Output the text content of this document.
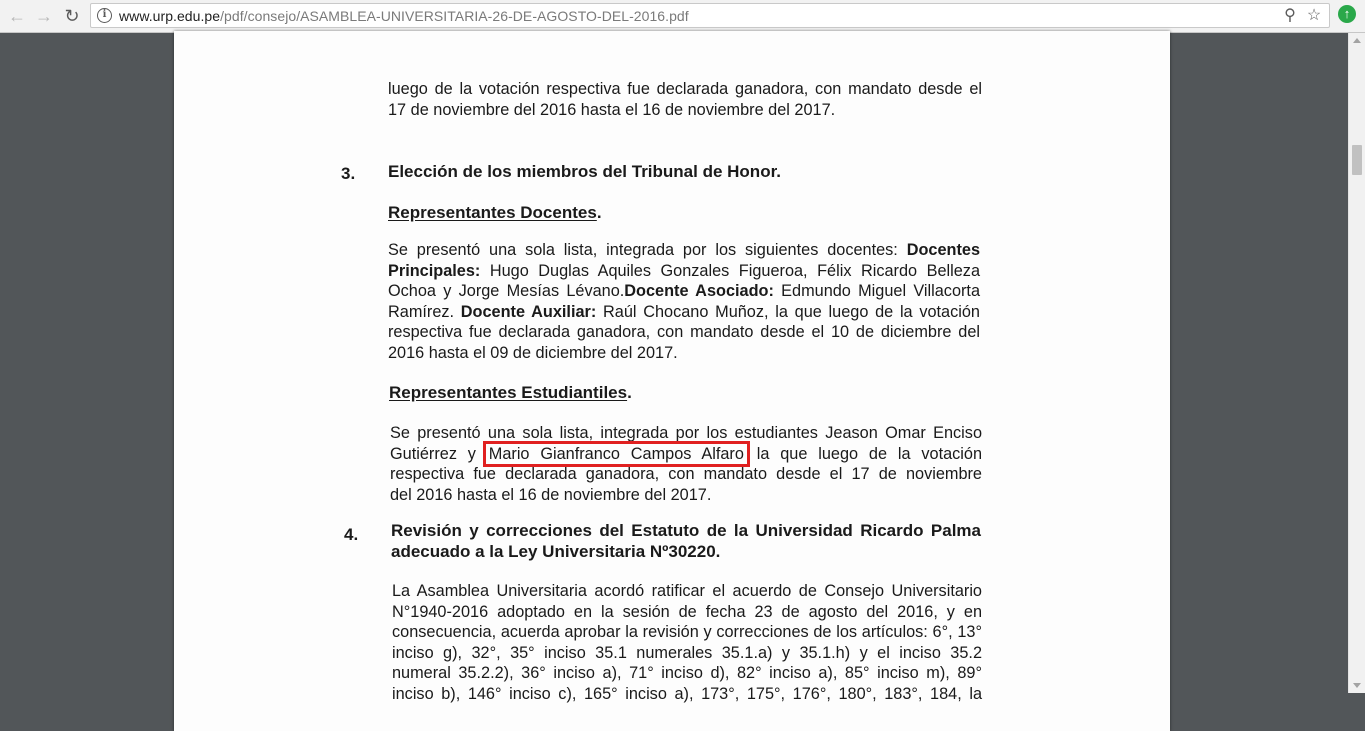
← → ↻	i www.urp.edu.pe/pdf/consejo/ASAMBLEA-UNIVERSITARIA-26-DE-AGOSTO-DEL-2016.pdf	⚲ ☆	↑
luego de la votación respectiva fue declarada ganadora, con mandato desde el
17 de noviembre del 2016 hasta el 16 de noviembre del 2017.
3. Elección de los miembros del Tribunal de Honor.
Representantes Docentes.
Se presentó una sola lista, integrada por los siguientes docentes: Docentes
Principales: Hugo Duglas Aquiles Gonzales Figueroa, Félix Ricardo Belleza
Ochoa y Jorge Mesías Lévano.Docente Asociado: Edmundo Miguel Villacorta
Ramírez. Docente Auxiliar: Raúl Chocano Muñoz, la que luego de la votación
respectiva fue declarada ganadora, con mandato desde el 10 de diciembre del
2016 hasta el 09 de diciembre del 2017.
Representantes Estudiantiles.
Se presentó una sola lista, integrada por los estudiantes Jeason Omar Enciso
Gutiérrez y Mario Gianfranco Campos Alfaro la que luego de la votación
respectiva fue declarada ganadora, con mandato desde el 17 de noviembre
del 2016 hasta el 16 de noviembre del 2017.
4. Revisión y correcciones del Estatuto de la Universidad Ricardo Palma
adecuado a la Ley Universitaria Nº30220.
La Asamblea Universitaria acordó ratificar el acuerdo de Consejo Universitario
N°1940-2016 adoptado en la sesión de fecha 23 de agosto del 2016, y en
consecuencia, acuerda aprobar la revisión y correcciones de los artículos: 6°, 13°
inciso g), 32°, 35° inciso 35.1 numerales 35.1.a) y 35.1.h) y el inciso 35.2
numeral 35.2.2), 36° inciso a), 71° inciso d), 82° inciso a), 85° inciso m), 89°
inciso b), 146° inciso c), 165° inciso a), 173°, 175°, 176°, 180°, 183°, 184, la
